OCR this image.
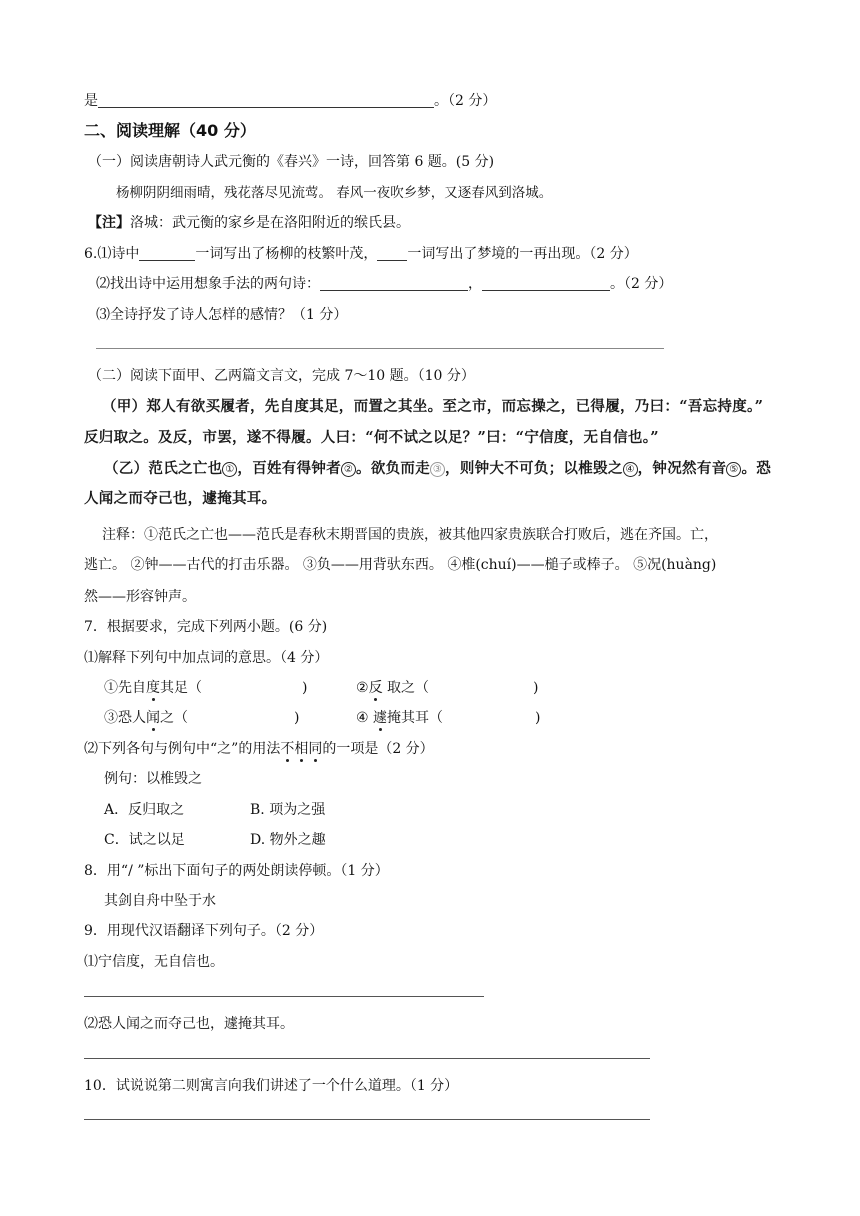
是	。（2 分）
二、阅读理解（40 分）
（一）阅读唐朝诗人武元衡的《春兴》一诗，回答第 6 题。(5 分)
杨柳阴阴细雨晴，残花落尽见流莺。 春风一夜吹乡梦，又逐春风到洛城。
【注】洛城：武元衡的家乡是在洛阳附近的缑氏县。
6.⑴诗中	一词写出了杨柳的枝繁叶茂， 一词写出了梦境的一再出现。（2 分）
⑵找出诗中运用想象手法的两句诗：	，	。（2 分）
⑶全诗抒发了诗人怎样的感情？（1 分）
（二）阅读下面甲、乙两篇文言文，完成 7～10 题。（10 分）
（甲）郑人有欲买履者，先自度其足，而置之其坐。至之市，而忘操之，已得履，乃曰：“吾忘持度。”
反归取之。及反，市罢，遂不得履。人曰：“何不试之以足？”曰：“宁信度，无自信也。”
（乙）范氏之亡也 ① ，百姓有得钟者 ② 。欲负而走 ③ ，则钟大不可负；以椎毁之 ④ ，钟况然有音 ⑤ 。恐
人闻之而夺己也，遽掩其耳。
注释：①范氏之亡也——范氏是春秋末期晋国的贵族，被其他四家贵族联合打败后，逃在齐国。亡，
逃亡。 ②钟——古代的打击乐器。 ③负——用背驮东西。 ④椎(chuí)——槌子或棒子。 ⑤况(huàng)
然——形容钟声。
7．根据要求，完成下列两小题。(6 分)
⑴解释下列句中加点词的意思。（4 分）
①先自度其足（	)	②反 取之（	)
③恐人闻之（	)	④ 遽掩其耳（	)
⑵下列各句与例句中“之”的用法不相同的一项是（2 分）
例句：以椎毁之
A．反归取之	B. 项为之强
C．试之以足	D. 物外之趣
8．用“/ ”标出下面句子的两处朗读停顿。（1 分）
其剑自舟中坠于水
9．用现代汉语翻译下列句子。（2 分）
⑴宁信度，无自信也。
⑵恐人闻之而夺己也，遽掩其耳。
10．试说说第二则寓言向我们讲述了一个什么道理。（1 分）
